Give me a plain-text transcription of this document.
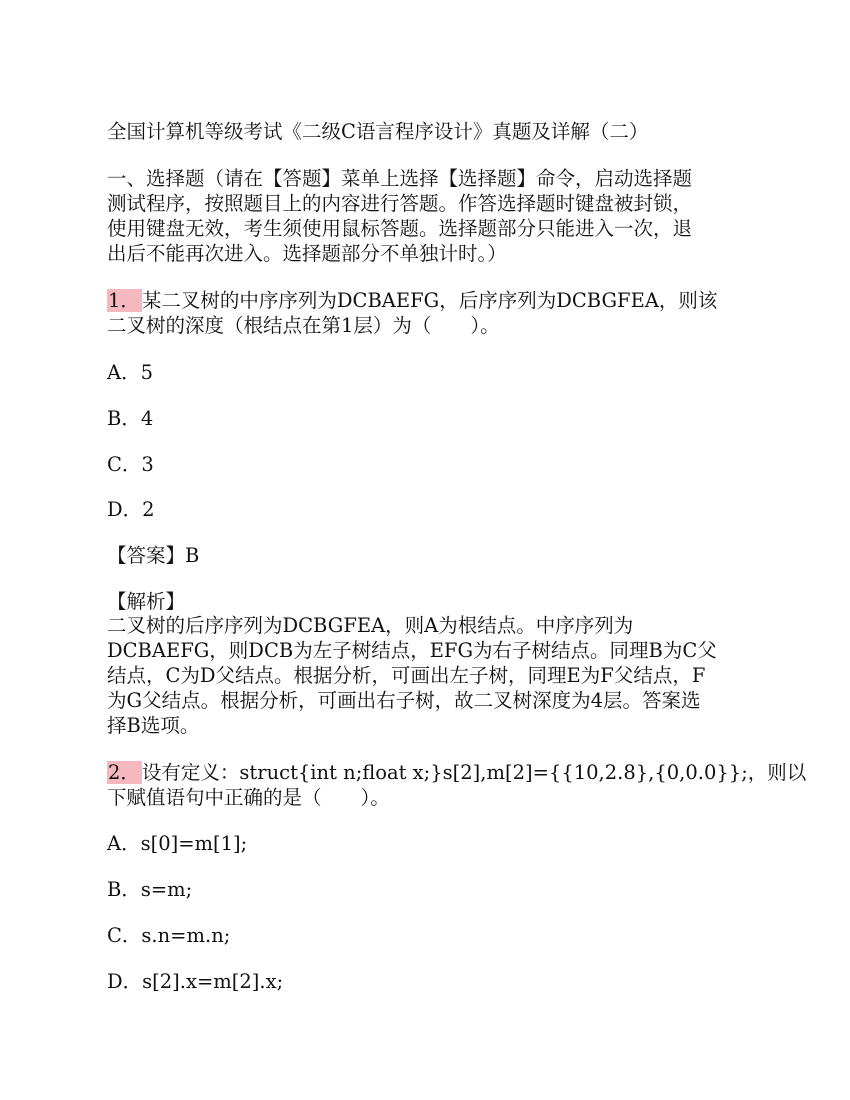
全国计算机等级考试《二级C语言程序设计》真题及详解（二）
一、选择题（请在【答题】菜单上选择【选择题】命令，启动选择题
测试程序，按照题目上的内容进行答题。作答选择题时键盘被封锁，
使用键盘无效，考生须使用鼠标答题。选择题部分只能进入一次，退
出后不能再次进入。选择题部分不单独计时。）
1． 某二叉树的中序序列为DCBAEFG，后序序列为DCBGFEA，则该
二叉树的深度（根结点在第1层）为（　　）。
A．5
B．4
C．3
D．2
【答案】B
【解析】
二叉树的后序序列为DCBGFEA，则A为根结点。中序序列为
DCBAEFG，则DCB为左子树结点，EFG为右子树结点。同理B为C父
结点，C为D父结点。根据分析，可画出左子树，同理E为F父结点，F
为G父结点。根据分析，可画出右子树，故二叉树深度为4层。答案选
择B选项。
2． 设有定义：struct{int n;float x;}s[2],m[2]={{10,2.8},{0,0.0}};，则以
下赋值语句中正确的是（　　）。
A．s[0]=m[1];
B．s=m;
C．s.n=m.n;
D．s[2].x=m[2].x;
